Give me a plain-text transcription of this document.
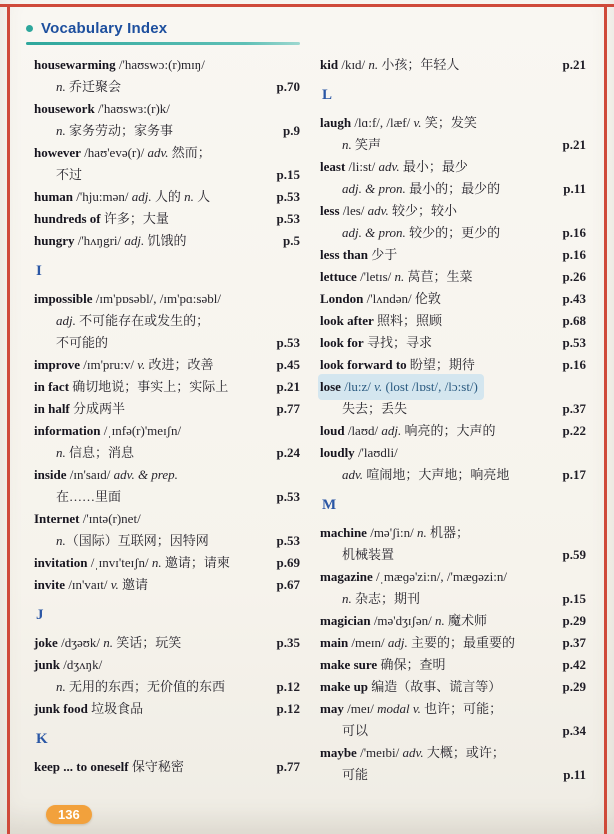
Vocabulary Index
housewarming /'haʊswɔ:(r)mɪŋ/
n. 乔迁聚会	p.70
housework /'haʊswɜ:(r)k/
n. 家务劳动；家务事	p.9
however /haʊ'evə(r)/ adv. 然而；
不过	p.15
human /'hju:mən/ adj. 人的 n. 人	p.53
hundreds of 许多；大量	p.53
hungry /'hʌŋgri/ adj. 饥饿的	p.5
I
impossible /ɪm'pɒsəbl/, /ɪm'pɑ:səbl/
adj. 不可能存在或发生的；
不可能的	p.53
improve /ɪm'pru:v/ v. 改进；改善	p.45
in fact 确切地说；事实上；实际上	p.21
in half 分成两半	p.77
information /ˌɪnfə(r)'meɪʃn/
n. 信息；消息	p.24
inside /ɪn'saɪd/ adv. & prep.
在……里面	p.53
Internet /'ɪntə(r)net/
n.（国际）互联网；因特网	p.53
invitation /ˌɪnvɪ'teɪʃn/ n. 邀请；请柬	p.69
invite /ɪn'vaɪt/ v. 邀请	p.67
J
joke /dʒəʊk/ n. 笑话；玩笑	p.35
junk /dʒʌŋk/
n. 无用的东西；无价值的东西	p.12
junk food 垃圾食品	p.12
K
keep ... to oneself 保守秘密	p.77
kid /kɪd/ n. 小孩；年轻人	p.21
L
laugh /lɑ:f/, /læf/ v. 笑；发笑
n. 笑声	p.21
least /li:st/ adv. 最小；最少
adj. & pron. 最小的；最少的	p.11
less /les/ adv. 较少；较小
adj. & pron. 较少的；更少的	p.16
less than 少于	p.16
lettuce /'letɪs/ n. 莴苣；生菜	p.26
London /'lʌndən/ 伦敦	p.43
look after 照料；照顾	p.68
look for 寻找；寻求	p.53
look forward to 盼望；期待	p.16
lose /lu:z/ v. (lost /lɒst/, /lɔ:st/)
失去；丢失	p.37
loud /laʊd/ adj. 响亮的；大声的	p.22
loudly /'laʊdli/
adv. 喧闹地；大声地；响亮地	p.17
M
machine /mə'ʃi:n/ n. 机器；
机械装置	p.59
magazine /ˌmæɡə'zi:n/, /'mæɡəzi:n/
n. 杂志；期刊	p.15
magician /mə'dʒɪʃən/ n. 魔术师	p.29
main /meɪn/ adj. 主要的；最重要的	p.37
make sure 确保；查明	p.42
make up 编造（故事、谎言等）	p.29
may /meɪ/ modal v. 也许；可能；
可以	p.34
maybe /'meɪbi/ adv. 大概；或许；
可能	p.11
136
